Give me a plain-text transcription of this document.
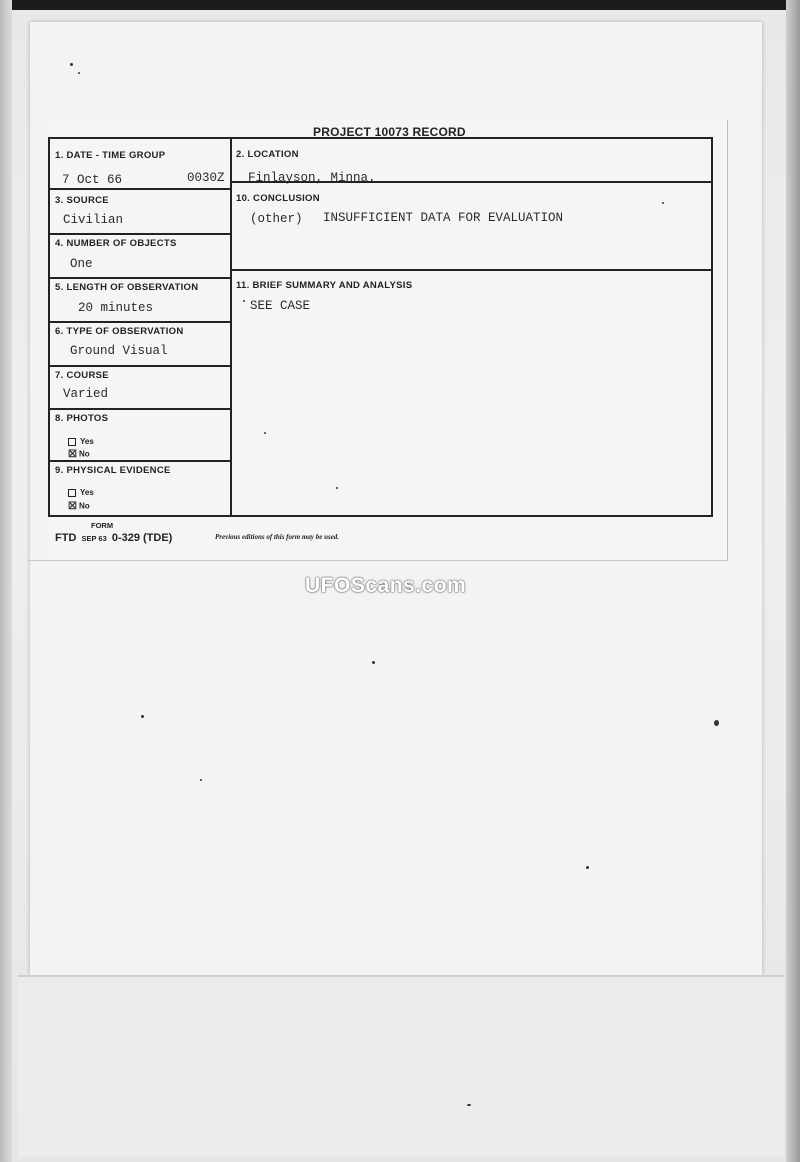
PROJECT 10073 RECORD
1. DATE - TIME GROUP
7 Oct 66	0030Z
2. LOCATION
Finlayson, Minna.
3. SOURCE
Civilian
10. CONCLUSION
(other) INSUFFICIENT DATA FOR EVALUATION
4. NUMBER OF OBJECTS
One
5. LENGTH OF OBSERVATION
20 minutes
11. BRIEF SUMMARY AND ANALYSIS
SEE CASE
6. TYPE OF OBSERVATION
Ground Visual
7. COURSE
Varied
8. PHOTOS
Yes
☒ No
9. PHYSICAL EVIDENCE
Yes
☒ No
FORM
FTD SEP 63 0-329 (TDE)	Previous editions of this form may be used.
UFOScans.com
